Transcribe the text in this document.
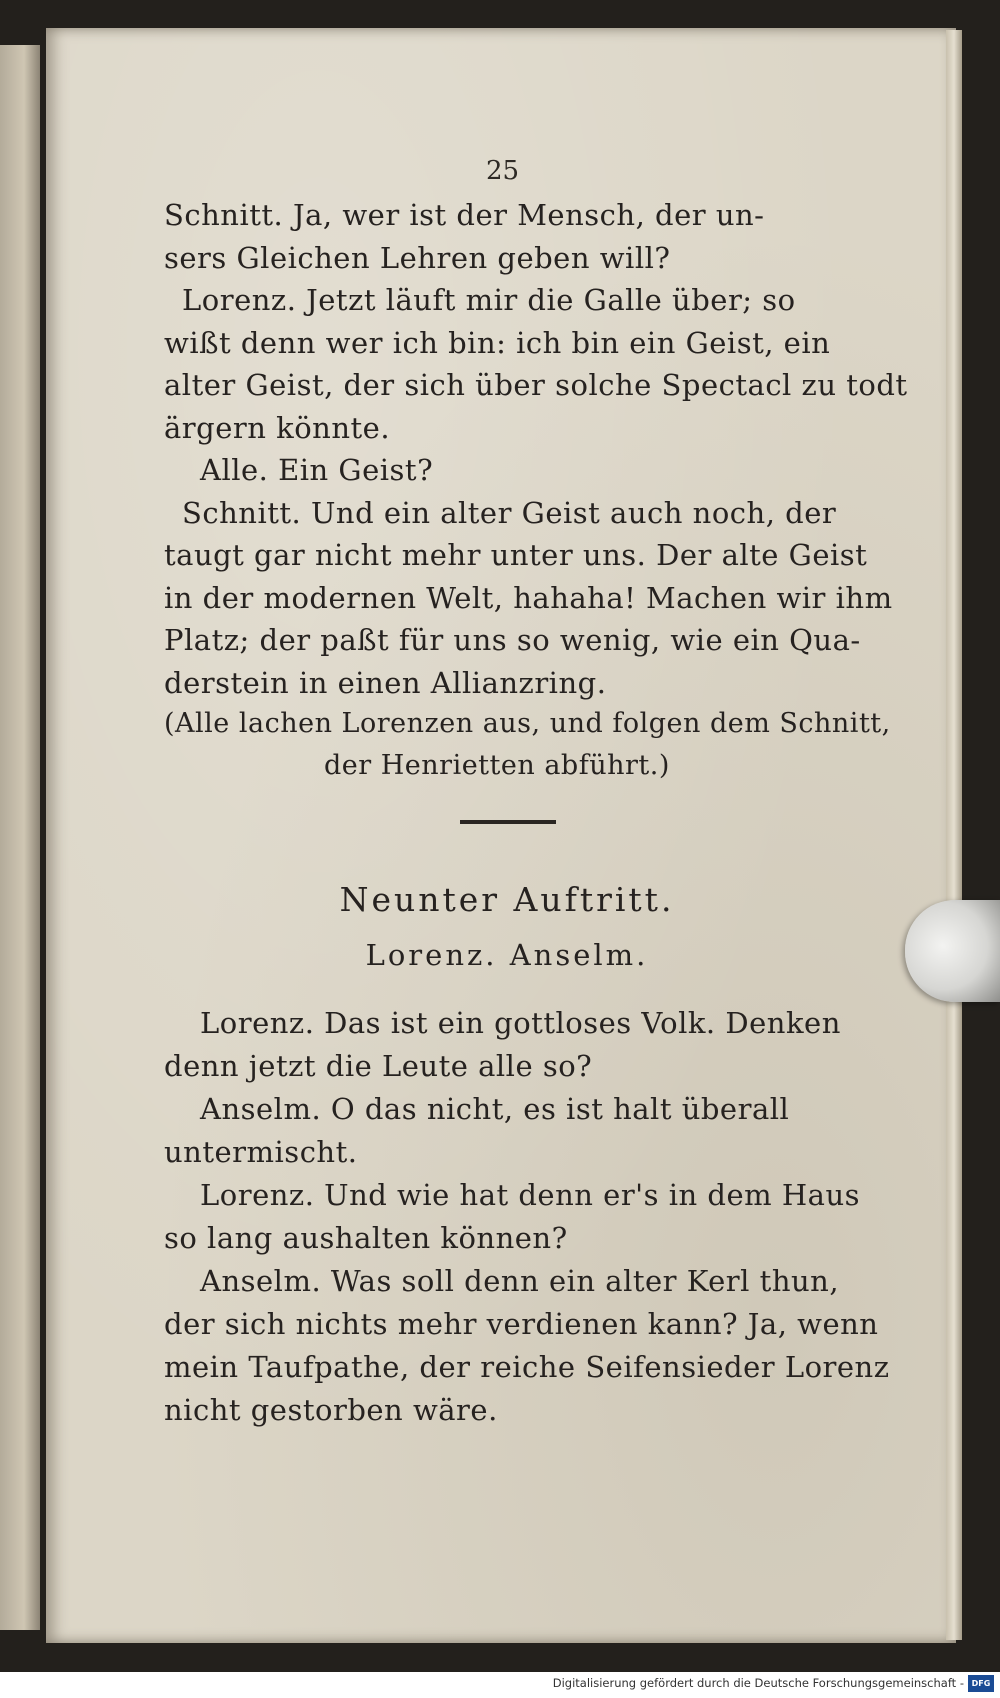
25
Schnitt. Ja, wer ist der Mensch, der un-
sers Gleichen Lehren geben will?
Lorenz. Jetzt läuft mir die Galle über; so
wißt denn wer ich bin: ich bin ein Geist, ein
alter Geist, der sich über solche Spectacl zu todt
ärgern könnte.
Alle. Ein Geist?
Schnitt. Und ein alter Geist auch noch, der
taugt gar nicht mehr unter uns. Der alte Geist
in der modernen Welt, hahaha! Machen wir ihm
Platz; der paßt für uns so wenig, wie ein Qua-
derstein in einen Allianzring.
(Alle lachen Lorenzen aus, und folgen dem Schnitt,
der Henrietten abführt.)
Neunter Auftritt.
Lorenz. Anselm.
Lorenz. Das ist ein gottloses Volk. Denken
denn jetzt die Leute alle so?
Anselm. O das nicht, es ist halt überall
untermischt.
Lorenz. Und wie hat denn er's in dem Haus
so lang aushalten können?
Anselm. Was soll denn ein alter Kerl thun,
der sich nichts mehr verdienen kann? Ja, wenn
mein Taufpathe, der reiche Seifensieder Lorenz
nicht gestorben wäre.
Digitalisierung gefördert durch die Deutsche Forschungsgemeinschaft - DFG
